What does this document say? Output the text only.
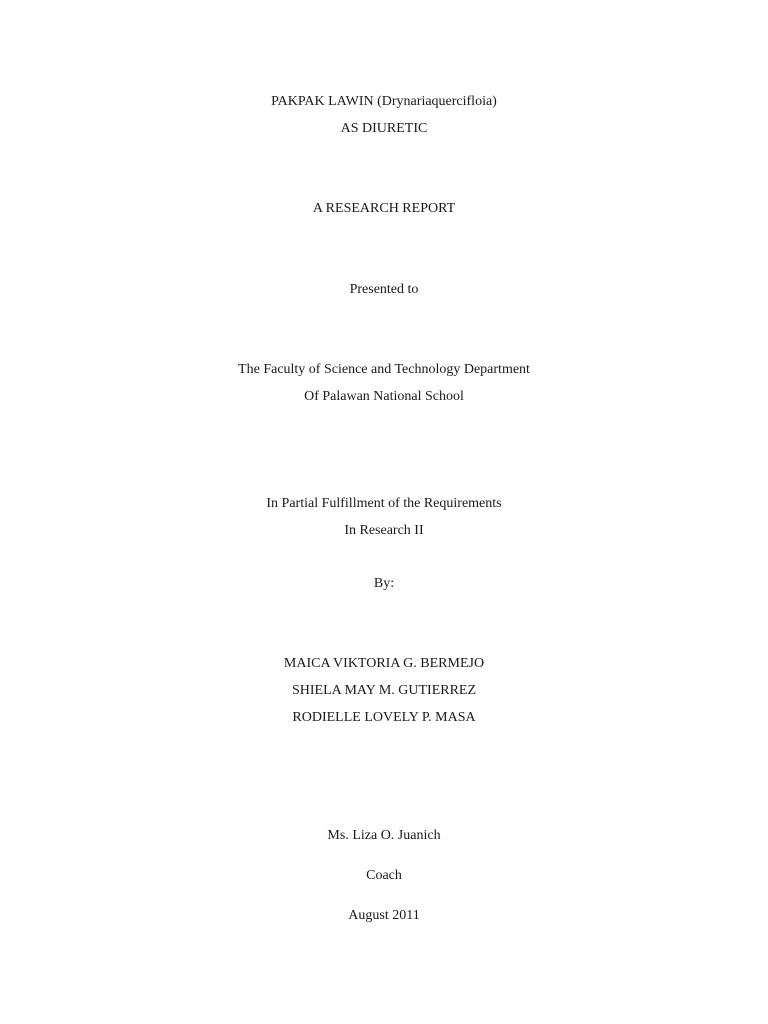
PAKPAK LAWIN (Drynariaquercifloia)
AS DIURETIC
A RESEARCH REPORT
Presented to
The Faculty of Science and Technology Department
Of Palawan National School
In Partial Fulfillment of the Requirements
In Research II
By:
MAICA VIKTORIA G. BERMEJO
SHIELA MAY M. GUTIERREZ
RODIELLE LOVELY P. MASA
Ms. Liza O. Juanich
Coach
August 2011
